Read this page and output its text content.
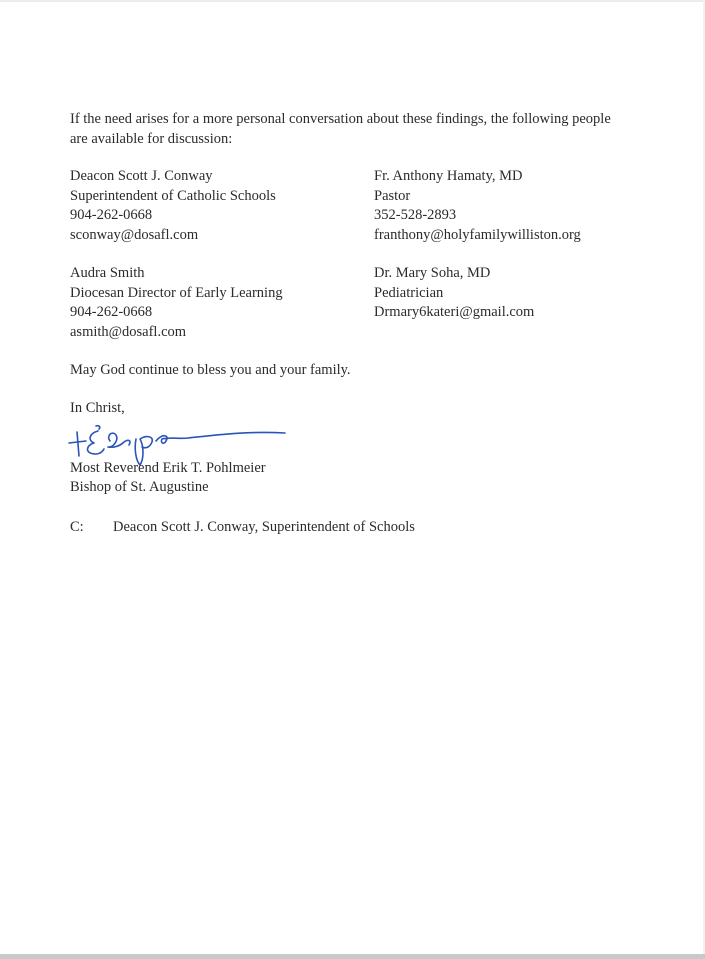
If the need arises for a more personal conversation about these findings, the following people are available for discussion:

Deacon Scott J. Conway
Superintendent of Catholic Schools
904-262-0668
sconway@dosafl.com
Fr. Anthony Hamaty, MD
Pastor
352-528-2893
franthony@holyfamilywilliston.org
Audra Smith
Diocesan Director of Early Learning
904-262-0668
asmith@dosafl.com
Dr. Mary Soha, MD
Pediatrician
Drmary6kateri@gmail.com
May God continue to bless you and your family.
In Christ,
Most Reverend Erik T. Pohlmeier
Bishop of St. Augustine
C: Deacon Scott J. Conway, Superintendent of Schools
